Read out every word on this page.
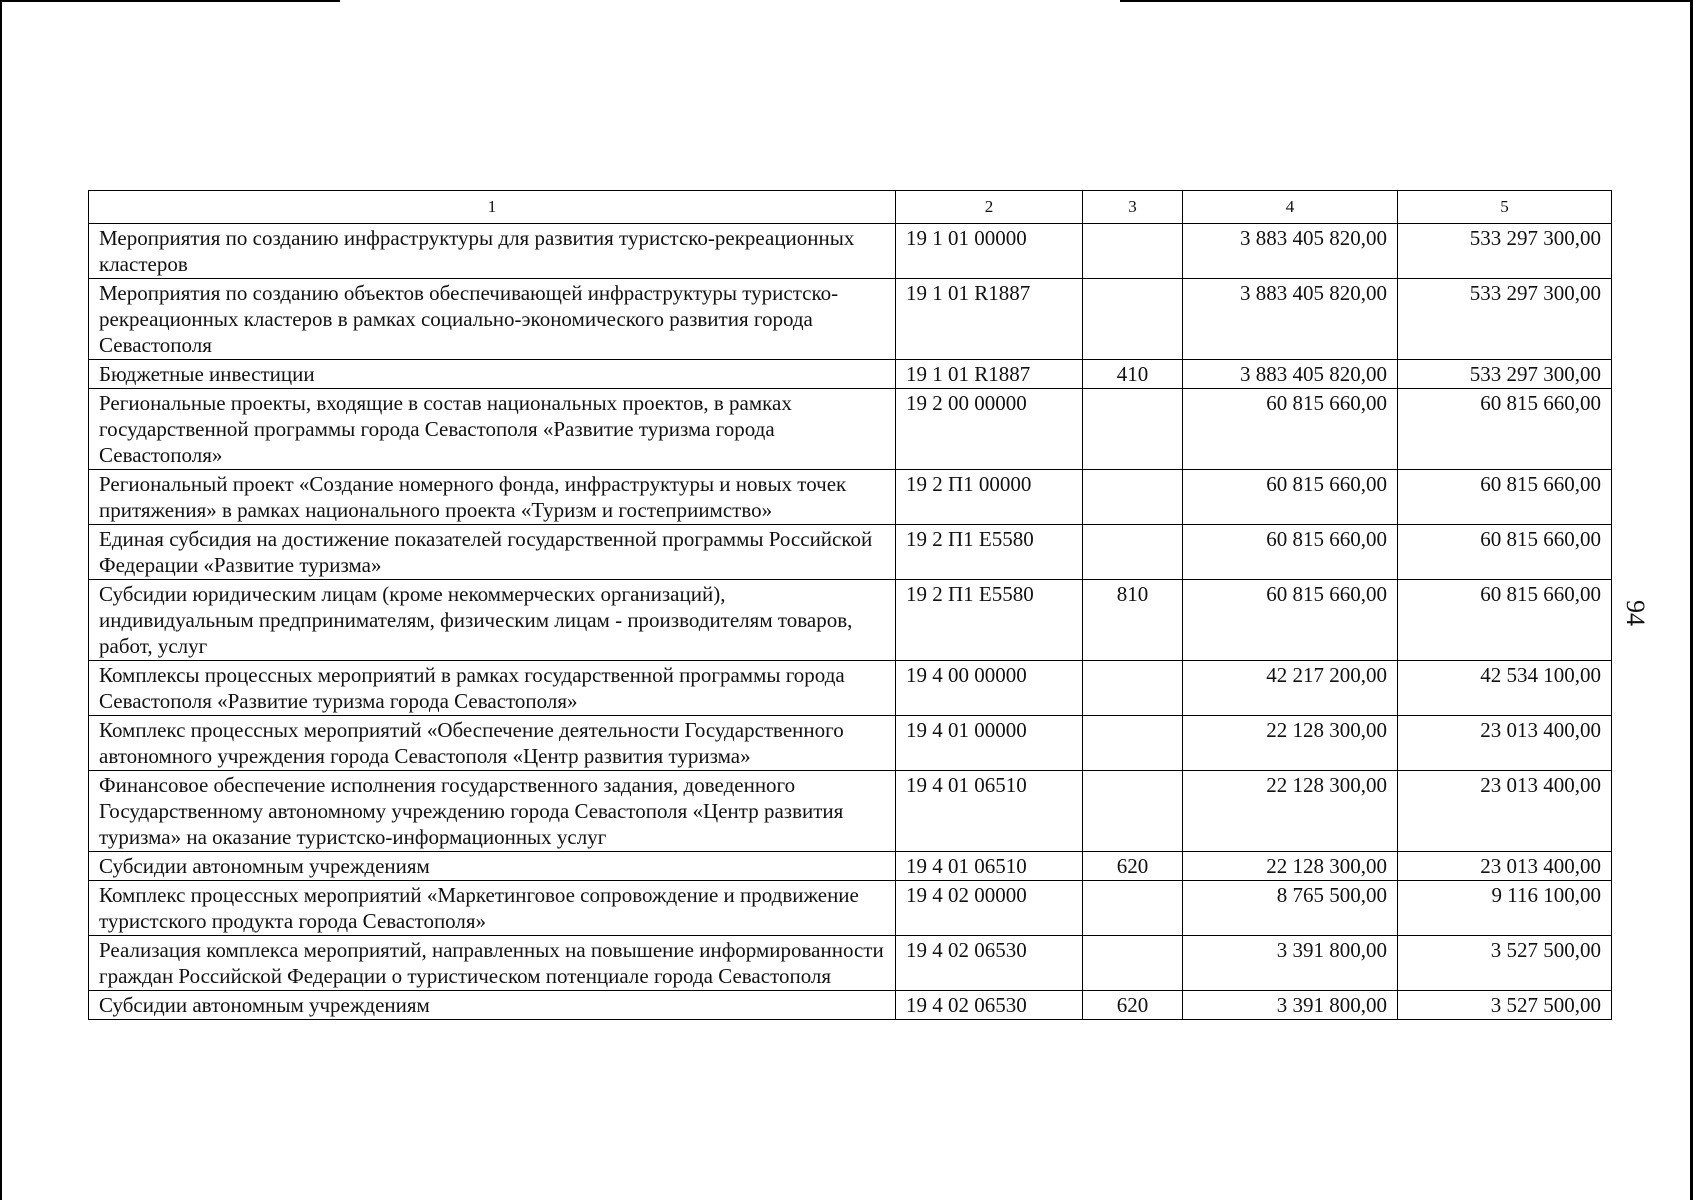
1	2	3	4	5
Мероприятия по созданию инфраструктуры для развития туристско-рекреационных кластеров	19 1 01 00000		3 883 405 820,00	533 297 300,00
Мероприятия по созданию объектов обеспечивающей инфраструктуры туристско-рекреационных кластеров в рамках социально-экономического развития города Севастополя	19 1 01 R1887		3 883 405 820,00	533 297 300,00
Бюджетные инвестиции	19 1 01 R1887	410	3 883 405 820,00	533 297 300,00
Региональные проекты, входящие в состав национальных проектов, в рамках государственной программы города Севастополя «Развитие туризма города Севастополя»	19 2 00 00000		60 815 660,00	60 815 660,00
Региональный проект «Создание номерного фонда, инфраструктуры и новых точек притяжения» в рамках национального проекта «Туризм и гостеприимство»	19 2 П1 00000		60 815 660,00	60 815 660,00
Единая субсидия на достижение показателей государственной программы Российской Федерации «Развитие туризма»	19 2 П1 Е5580		60 815 660,00	60 815 660,00
Субсидии юридическим лицам (кроме некоммерческих организаций), индивидуальным предпринимателям, физическим лицам - производителям товаров, работ, услуг	19 2 П1 Е5580	810	60 815 660,00	60 815 660,00
Комплексы процессных мероприятий в рамках государственной программы города Севастополя «Развитие туризма города Севастополя»	19 4 00 00000		42 217 200,00	42 534 100,00
Комплекс процессных мероприятий «Обеспечение деятельности Государственного автономного учреждения города Севастополя «Центр развития туризма»	19 4 01 00000		22 128 300,00	23 013 400,00
Финансовое обеспечение исполнения государственного задания, доведенного Государственному автономному учреждению города Севастополя «Центр развития туризма» на оказание туристско-информационных услуг	19 4 01 06510		22 128 300,00	23 013 400,00
Субсидии автономным учреждениям	19 4 01 06510	620	22 128 300,00	23 013 400,00
Комплекс процессных мероприятий «Маркетинговое сопровождение и продвижение туристского продукта города Севастополя»	19 4 02 00000		8 765 500,00	9 116 100,00
Реализация комплекса мероприятий, направленных на повышение информированности граждан Российской Федерации о туристическом потенциале города Севастополя	19 4 02 06530		3 391 800,00	3 527 500,00
Субсидии автономным учреждениям	19 4 02 06530	620	3 391 800,00	3 527 500,00
94
